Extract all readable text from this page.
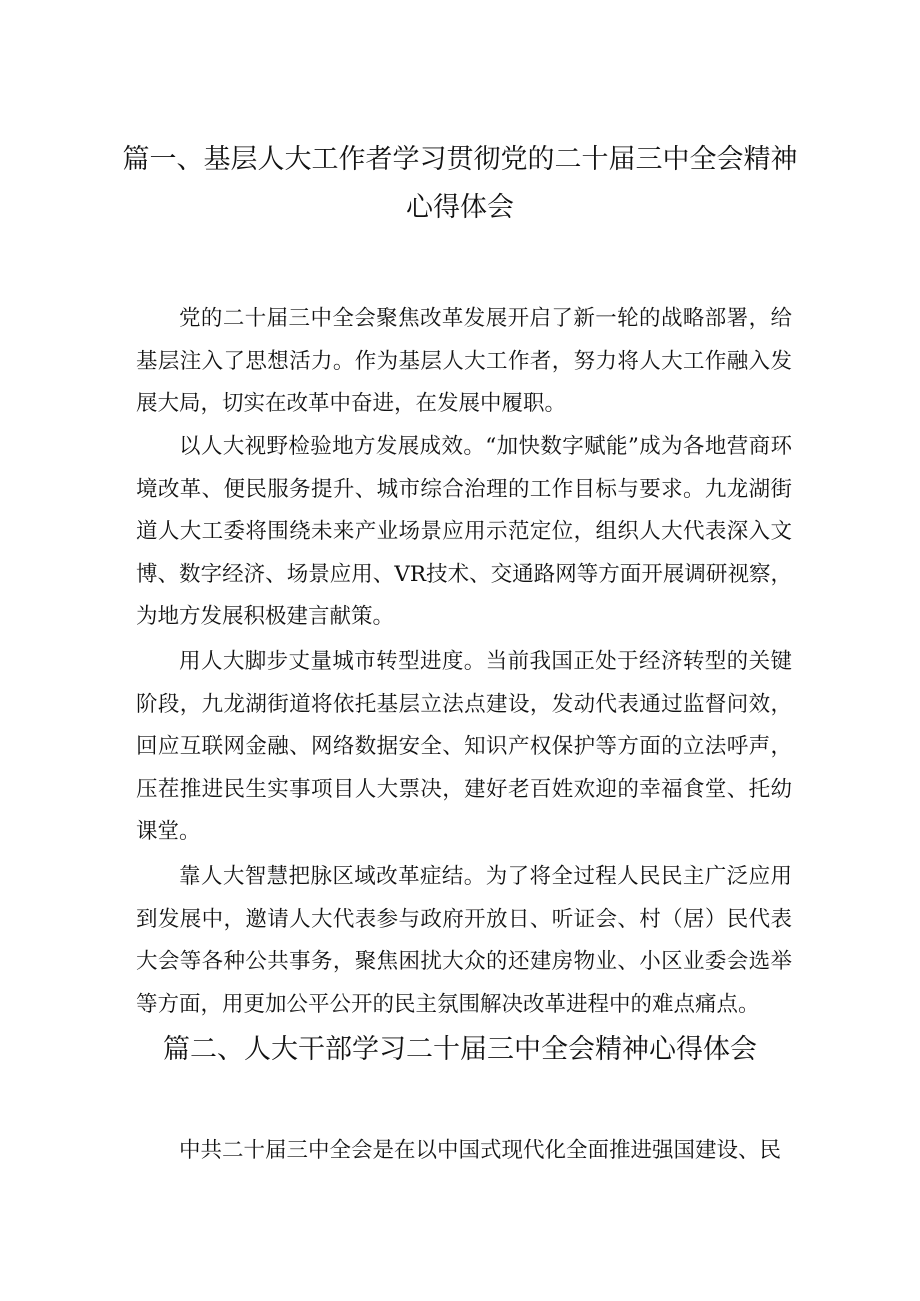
篇一、基层人大工作者学习贯彻党的二十届三中全会精神
心得体会

党的二十届三中全会聚焦改革发展开启了新一轮的战略部署，给基层注入了思想活力。作为基层人大工作者，努力将人大工作融入发展大局，切实在改革中奋进，在发展中履职。

以人大视野检验地方发展成效。“加快数字赋能”成为各地营商环境改革、便民服务提升、城市综合治理的工作目标与要求。九龙湖街道人大工委将围绕未来产业场景应用示范定位，组织人大代表深入文博、数字经济、场景应用、VR技术、交通路网等方面开展调研视察，为地方发展积极建言献策。

用人大脚步丈量城市转型进度。当前我国正处于经济转型的关键阶段，九龙湖街道将依托基层立法点建设，发动代表通过监督问效，回应互联网金融、网络数据安全、知识产权保护等方面的立法呼声，压茬推进民生实事项目人大票决，建好老百姓欢迎的幸福食堂、托幼课堂。

靠人大智慧把脉区域改革症结。为了将全过程人民民主广泛应用到发展中，邀请人大代表参与政府开放日、听证会、村（居）民代表大会等各种公共事务，聚焦困扰大众的还建房物业、小区业委会选举等方面，用更加公平公开的民主氛围解决改革进程中的难点痛点。

篇二、人大干部学习二十届三中全会精神心得体会

中共二十届三中全会是在以中国式现代化全面推进强国建设、民
